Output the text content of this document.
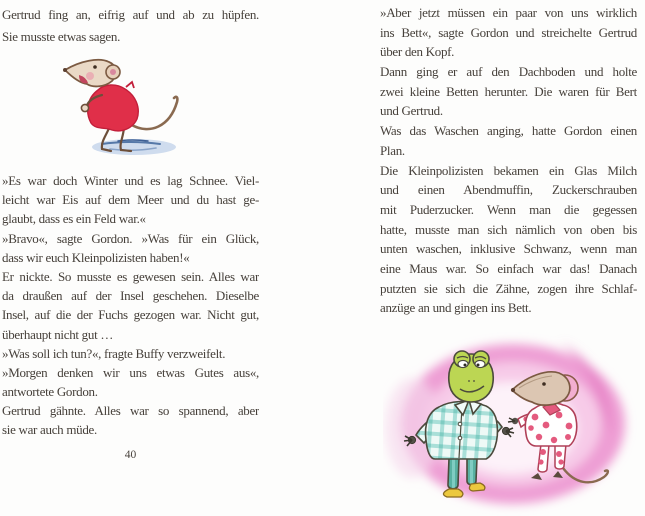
Gertrud fing an, eifrig auf und ab zu hüpfen.
Sie musste etwas sagen.
»Es war doch Winter und es lag Schnee. Viel-
leicht war Eis auf dem Meer und du hast ge-
glaubt, dass es ein Feld war.«
»Bravo«, sagte Gordon. »Was für ein Glück,
dass wir euch Kleinpolizisten haben!«
Er nickte. So musste es gewesen sein. Alles war
da draußen auf der Insel geschehen. Dieselbe
Insel, auf die der Fuchs gezogen war. Nicht gut,
überhaupt nicht gut …
»Was soll ich tun?«, fragte Buffy verzweifelt.
»Morgen denken wir uns etwas Gutes aus«,
antwortete Gordon.
Gertrud gähnte. Alles war so spannend, aber
sie war auch müde.
40
»Aber jetzt müssen ein paar von uns wirklich
ins Bett«, sagte Gordon und streichelte Gertrud
über den Kopf.
Dann ging er auf den Dachboden und holte
zwei kleine Betten herunter. Die waren für Bert
und Gertrud.
Was das Waschen anging, hatte Gordon einen
Plan.
Die Kleinpolizisten bekamen ein Glas Milch
und einen Abendmuffin, Zuckerschrauben
mit Puderzucker. Wenn man die gegessen
hatte, musste man sich nämlich von oben bis
unten waschen, inklusive Schwanz, wenn man
eine Maus war. So einfach war das! Danach
putzten sie sich die Zähne, zogen ihre Schlaf-
anzüge an und gingen ins Bett.
